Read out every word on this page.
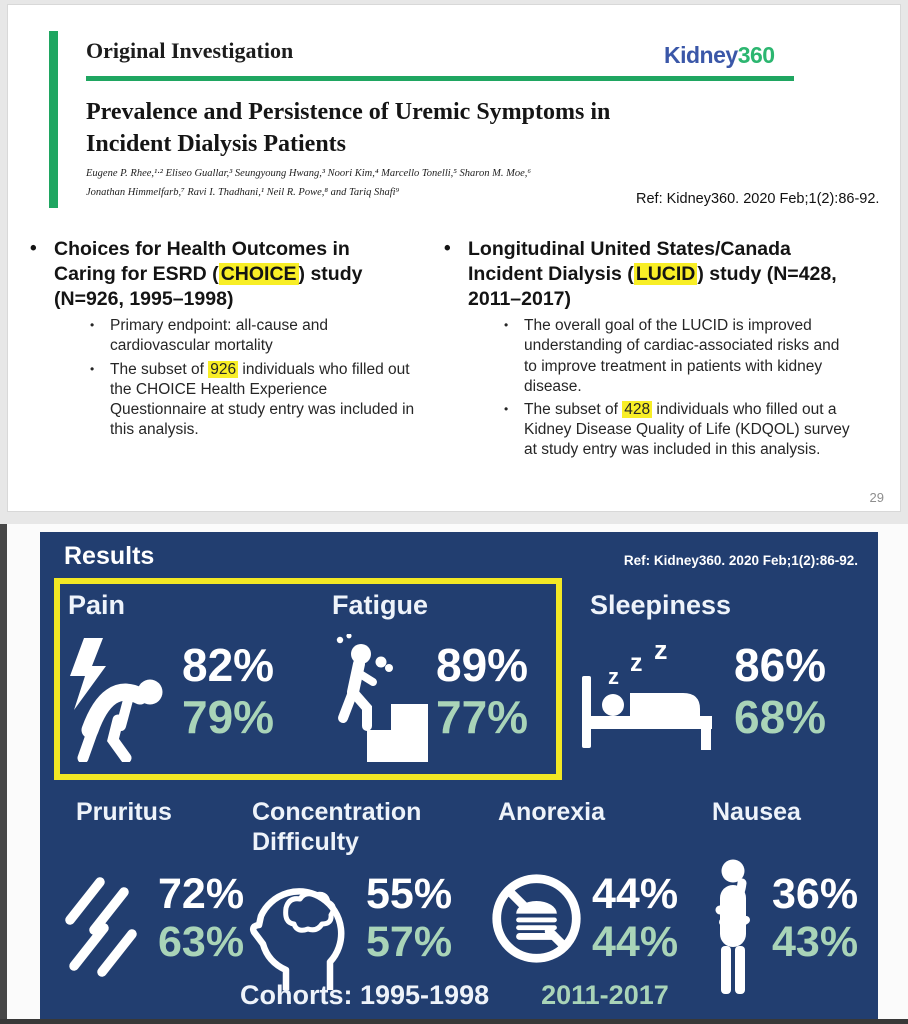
Original Investigation	Kidney360
Prevalence and Persistence of Uremic Symptoms in Incident Dialysis Patients
Eugene P. Rhee,¹·² Eliseo Guallar,³ Seungyoung Hwang,³ Noori Kim,⁴ Marcello Tonelli,⁵ Sharon M. Moe,⁶
Jonathan Himmelfarb,⁷ Ravi I. Thadhani,¹ Neil R. Powe,⁸ and Tariq Shafi⁹	Ref: Kidney360. 2020 Feb;1(2):86-92.
• Choices for Health Outcomes in Caring for ESRD ( CHOICE ) study (N=926, 1995–1998)
•	Primary endpoint: all-cause and cardiovascular mortality
•	The subset of 926 individuals who filled out the CHOICE Health Experience Questionnaire at study entry was included in this analysis.
• Longitudinal United States/Canada Incident Dialysis ( LUCID ) study (N=428, 2011–2017)
•	The overall goal of the LUCID is improved understanding of cardiac-associated risks and to improve treatment in patients with kidney disease.
•	The subset of 428 individuals who filled out a Kidney Disease Quality of Life (KDQOL) survey at study entry was included in this analysis.
29
Results	Ref: Kidney360. 2020 Feb;1(2):86-92.
Pain
82%
79%
Fatigue
89%
77%
Sleepiness
z z z 86%
68%
Pruritus
72%
63%
Concentration Difficulty
55%
57%
Anorexia
44%
44%
Nausea
36%
43%
Cohorts: 1995-1998 2011-2017
